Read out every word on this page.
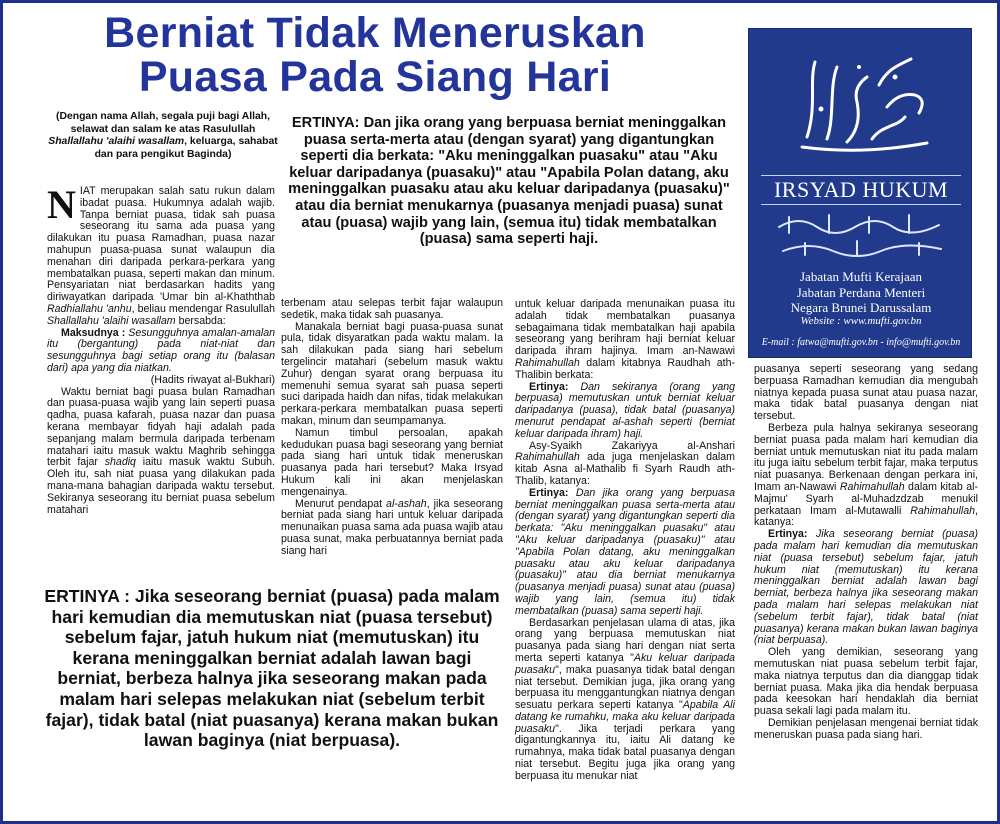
Berniat Tidak Meneruskan
Puasa Pada Siang Hari
(Dengan nama Allah, segala puji bagi Allah, selawat dan salam ke atas Rasulullah Shallallahu 'alaihi wasallam, keluarga, sahabat dan para pengikut Baginda)
ERTINYA: Dan jika orang yang berpuasa berniat meninggalkan puasa serta-merta atau (dengan syarat) yang digantungkan seperti dia berkata: "Aku meninggalkan puasaku" atau "Aku keluar daripadanya (puasaku)" atau "Apabila Polan datang, aku meninggalkan puasaku atau aku keluar daripadanya (puasaku)" atau dia berniat menukarnya (puasanya menjadi puasa) sunat atau (puasa) wajib yang lain, (semua itu) tidak membatalkan (puasa) sama seperti haji.

NIAT merupakan salah satu rukun dalam ibadat puasa. Hukumnya adalah wajib. Tanpa berniat puasa, tidak sah puasa seseorang itu sama ada puasa yang dilakukan itu puasa Ramadhan, puasa nazar mahupun puasa-puasa sunat walaupun dia menahan diri daripada perkara-perkara yang membatalkan puasa, seperti makan dan minum. Pensyariatan niat berdasarkan hadits yang diriwayatkan daripada 'Umar bin al-Khaththab Radhiallahu 'anhu, beliau mendengar Rasulullah Shallallahu 'alaihi wasallam bersabda:

Maksudnya : Sesungguhnya amalan-amalan itu (bergantung) pada niat-niat dan sesungguhnya bagi setiap orang itu (balasan dari) apa yang dia niatkan.

(Hadits riwayat al-Bukhari)

Waktu berniat bagi puasa bulan Ramadhan dan puasa-puasa wajib yang lain seperti puasa qadha, puasa kafarah, puasa nazar dan puasa kerana membayar fidyah haji adalah pada sepanjang malam bermula daripada terbenam matahari iaitu masuk waktu Maghrib sehingga terbit fajar shadiq iaitu masuk waktu Subuh. Oleh itu, sah niat puasa yang dilakukan pada mana-mana bahagian daripada waktu tersebut. Sekiranya seseorang itu berniat puasa sebelum matahari

terbenam atau selepas terbit fajar walaupun sedetik, maka tidak sah puasanya.

Manakala berniat bagi puasa-puasa sunat pula, tidak disyaratkan pada waktu malam. Ia sah dilakukan pada siang hari sebelum tergelincir matahari (sebelum masuk waktu Zuhur) dengan syarat orang berpuasa itu memenuhi semua syarat sah puasa seperti suci daripada haidh dan nifas, tidak melakukan perkara-perkara membatalkan puasa seperti makan, minum dan seumpamanya.

Namun timbul persoalan, apakah kedudukan puasa bagi seseorang yang berniat pada siang hari untuk tidak meneruskan puasanya pada hari tersebut? Maka Irsyad Hukum kali ini akan menjelaskan mengenainya.

Menurut pendapat al-ashah, jika seseorang berniat pada siang hari untuk keluar daripada menunaikan puasa sama ada puasa wajib atau puasa sunat, maka perbuatannya berniat pada siang hari

untuk keluar daripada menunaikan puasa itu adalah tidak membatalkan puasanya sebagaimana tidak membatalkan haji apabila seseorang yang berihram haji berniat keluar daripada ihram hajinya. Imam an-Nawawi Rahimahullah dalam kitabnya Raudhah ath-Thalibin berkata:

Ertinya: Dan sekiranya (orang yang berpuasa) memutuskan untuk berniat keluar daripadanya (puasa), tidak batal (puasanya) menurut pendapat al-ashah seperti (berniat keluar daripada ihram) haji.

Asy-Syaikh Zakariyya al-Anshari Rahimahullah ada juga menjelaskan dalam kitab Asna al-Mathalib fi Syarh Raudh ath-Thalib, katanya:

Ertinya: Dan jika orang yang berpuasa berniat meninggalkan puasa serta-merta atau (dengan syarat) yang digantungkan seperti dia berkata: "Aku meninggalkan puasaku" atau "Aku keluar daripadanya (puasaku)" atau "Apabila Polan datang, aku meninggalkan puasaku atau aku keluar daripadanya (puasaku)" atau dia berniat menukarnya (puasanya menjadi puasa) sunat atau (puasa) wajib yang lain, (semua itu) tidak membatalkan (puasa) sama seperti haji.

Berdasarkan penjelasan ulama di atas, jika orang yang berpuasa memutuskan niat puasanya pada siang hari dengan niat serta merta seperti katanya "Aku keluar daripada puasaku", maka puasanya tidak batal dengan niat tersebut. Demikian juga, jika orang yang berpuasa itu menggantungkan niatnya dengan sesuatu perkara seperti katanya "Apabila Ali datang ke rumahku, maka aku keluar daripada puasaku". Jika terjadi perkara yang digantungkannya itu, iaitu Ali datang ke rumahnya, maka tidak batal puasanya dengan niat tersebut. Begitu juga jika orang yang berpuasa itu menukar niat

puasanya seperti seseorang yang sedang berpuasa Ramadhan kemudian dia mengubah niatnya kepada puasa sunat atau puasa nazar, maka tidak batal puasanya dengan niat tersebut.

Berbeza pula halnya sekiranya seseorang berniat puasa pada malam hari kemudian dia berniat untuk memutuskan niat itu pada malam itu juga iaitu sebelum terbit fajar, maka terputus niat puasanya. Berkenaan dengan perkara ini, Imam an-Nawawi Rahimahullah dalam kitab al-Majmu' Syarh al-Muhadzdzab menukil perkataan Imam al-Mutawalli Rahimahullah, katanya:

Ertinya: Jika seseorang berniat (puasa) pada malam hari kemudian dia memutuskan niat (puasa tersebut) sebelum fajar, jatuh hukum niat (memutuskan) itu kerana meninggalkan berniat adalah lawan bagi berniat, berbeza halnya jika seseorang makan pada malam hari selepas melakukan niat (sebelum terbit fajar), tidak batal (niat puasanya) kerana makan bukan lawan baginya (niat berpuasa).

Oleh yang demikian, seseorang yang memutuskan niat puasa sebelum terbit fajar, maka niatnya terputus dan dia dianggap tidak berniat puasa. Maka jika dia hendak berpuasa pada keesokan hari hendaklah dia berniat puasa sekali lagi pada malam itu.

Demikian penjelasan mengenai berniat tidak meneruskan puasa pada siang hari.

ERTINYA : Jika seseorang berniat (puasa) pada malam hari kemudian dia memutuskan niat (puasa tersebut) sebelum fajar, jatuh hukum niat (memutuskan) itu kerana meninggalkan berniat adalah lawan bagi berniat, berbeza halnya jika seseorang makan pada malam hari selepas melakukan niat (sebelum terbit fajar), tidak batal (niat puasanya) kerana makan bukan lawan baginya (niat berpuasa).
IRSYAD HUKUM
Jabatan Mufti Kerajaan
Jabatan Perdana Menteri
Negara Brunei Darussalam
Website : www.mufti.gov.bn
E-mail : fatwa@mufti.gov.bn - info@mufti.gov.bn
